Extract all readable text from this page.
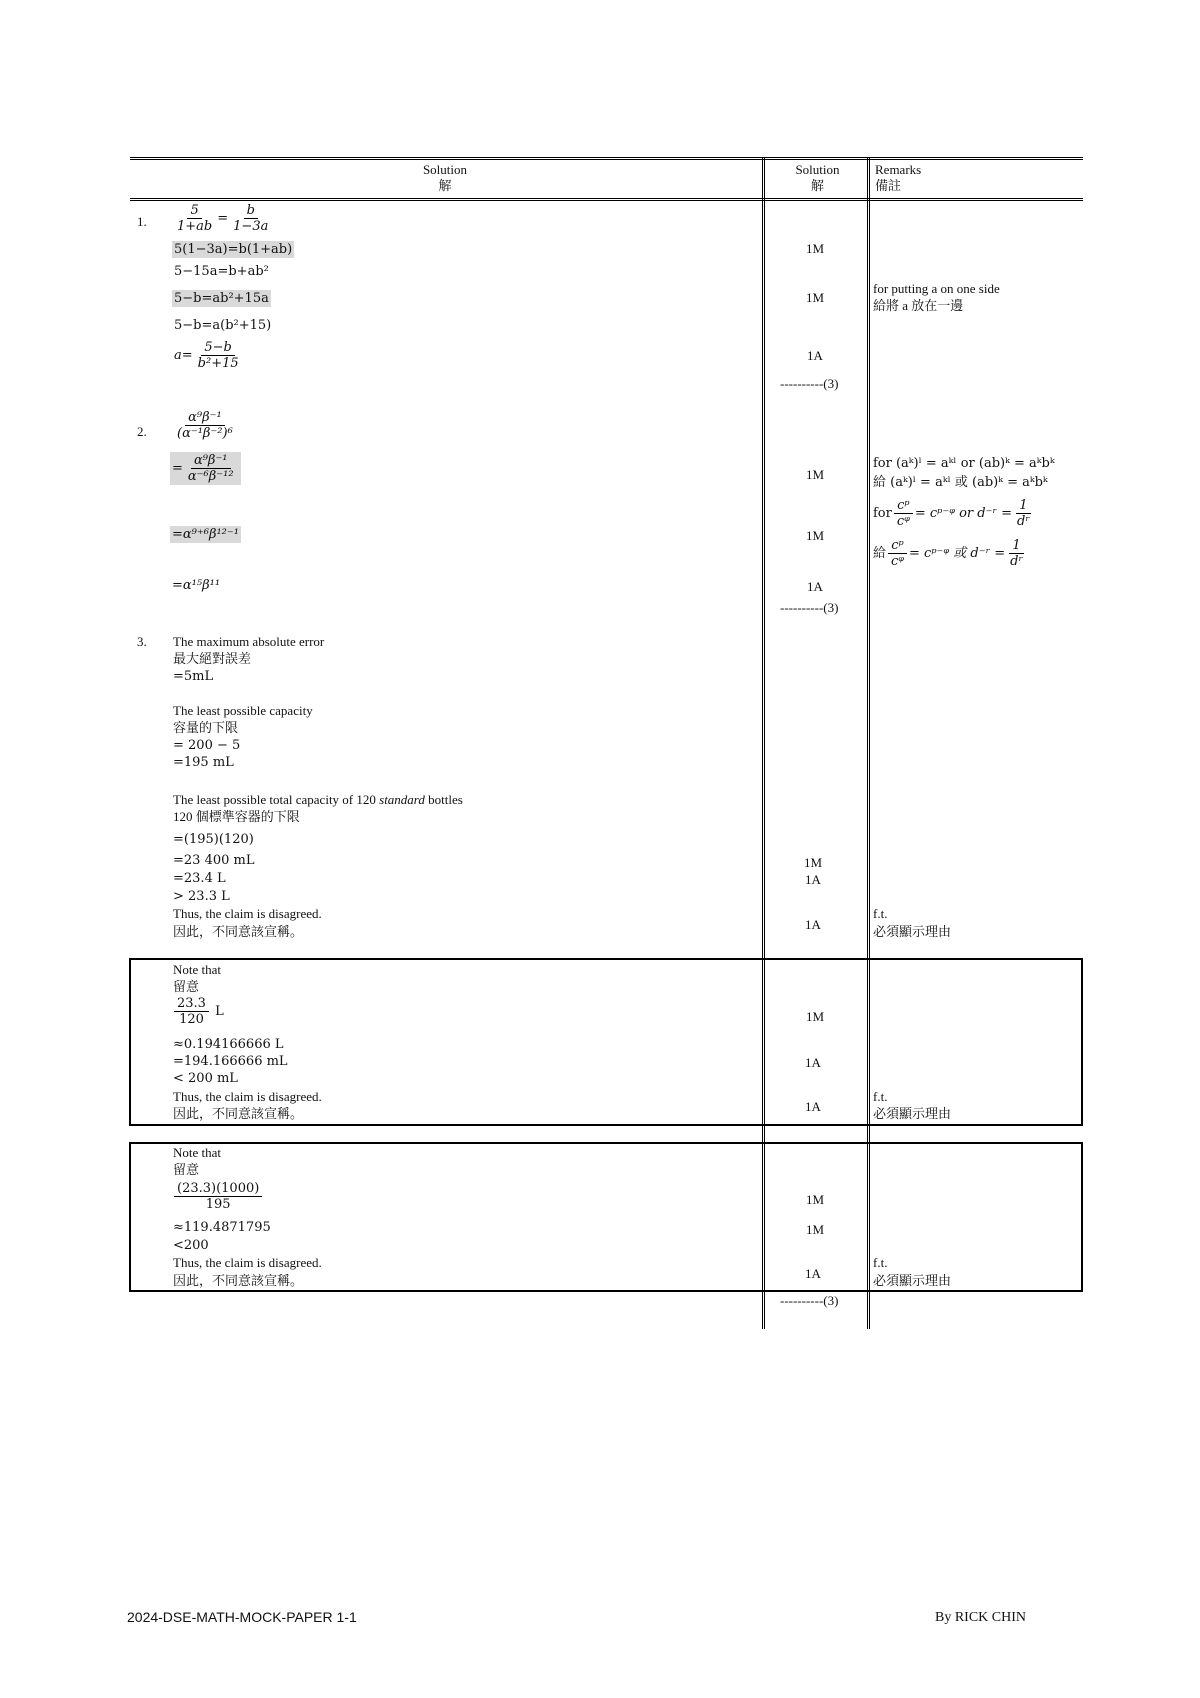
Solution
解
Solution
解
Remarks
備註
1. $\frac{5}{1+ab} = \frac{b}{1-3a}$
5(1−3a)=b(1+ab)
5−15a=b+ab²
5−b=ab²+15a
5−b=a(b²+15)
$a= \frac{5-b}{\text{b²+15}}$
1M
1M
1A
----------(3)
for putting a on one side
給將 a 放在一邊
2. $\frac{\text{α⁹β⁻¹}}{\text{(α⁻¹β⁻²)⁶}}$
= $\frac{\text{α⁹β⁻¹}}{\text{α⁻⁶β⁻¹²}}$
=α⁹⁺⁶β¹²⁻¹
=α¹⁵β¹¹
1M
1M
1A
----------(3)
for (aᵏ)ˡ = aᵏˡ or (ab)ᵏ = aᵏbᵏ
給 (aᵏ)ˡ = aᵏˡ 或 (ab)ᵏ = aᵏbᵏ
for $\frac{\text{cᵖ}}{\text{cᵠ}}$ = cᵖ⁻ᵠ or d⁻ʳ = $\frac{1}{\text{dʳ}}$
給 $\frac{\text{cᵖ}}{\text{cᵠ}}$ = cᵖ⁻ᵠ 或 d⁻ʳ = $\frac{1}{\text{dʳ}}$
3. The maximum absolute error
最大絕對誤差
=5mL
The least possible capacity
容量的下限
= 200 − 5
=195 mL
The least possible total capacity of 120 standard bottles
120 個標準容器的下限
=(195)(120)
=23 400 mL
=23.4 L
> 23.3 L
Thus, the claim is disagreed.
因此，不同意該宣稱。
1M
1A
1A
f.t.
必須顯示理由
Note that
留意
$\frac{23.3}{120}$ L
≈0.194166666 L
=194.166666 mL
< 200 mL
Thus, the claim is disagreed.
因此，不同意該宣稱。
1M
1A
1A
f.t.
必須顯示理由
Note that
留意
$\frac{(23.3)(1000)}{195}$
≈119.4871795
<200
Thus, the claim is disagreed.
因此，不同意該宣稱。
1M
1M
1A
----------(3)
f.t.
必須顯示理由
2024-DSE-MATH-MOCK-PAPER 1-1	By RICK CHIN
